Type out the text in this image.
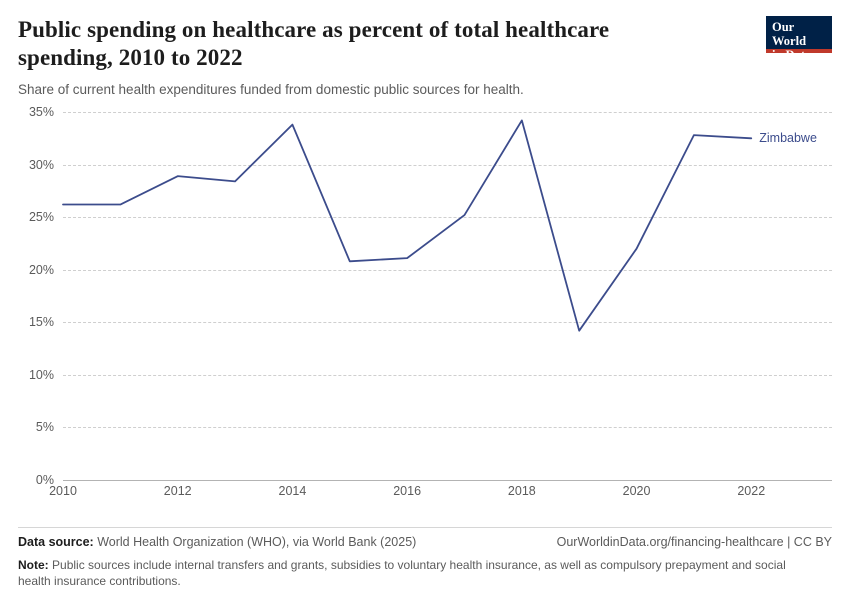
Public spending on healthcare as percent of total healthcare spending, 2010 to 2022

Share of current health expenditures funded from domestic public sources for health.

Our World
in Data
0%
5%
10%
15%
20%
25%
30%
35%
Zimbabwe
2010	2012	2014	2016	2018	2020	2022
Data source: World Health Organization (WHO), via World Bank (2025)	OurWorldinData.org/financing-healthcare | CC BY
Note: Public sources include internal transfers and grants, subsidies to voluntary health insurance, as well as compulsory prepayment and social health insurance contributions.
